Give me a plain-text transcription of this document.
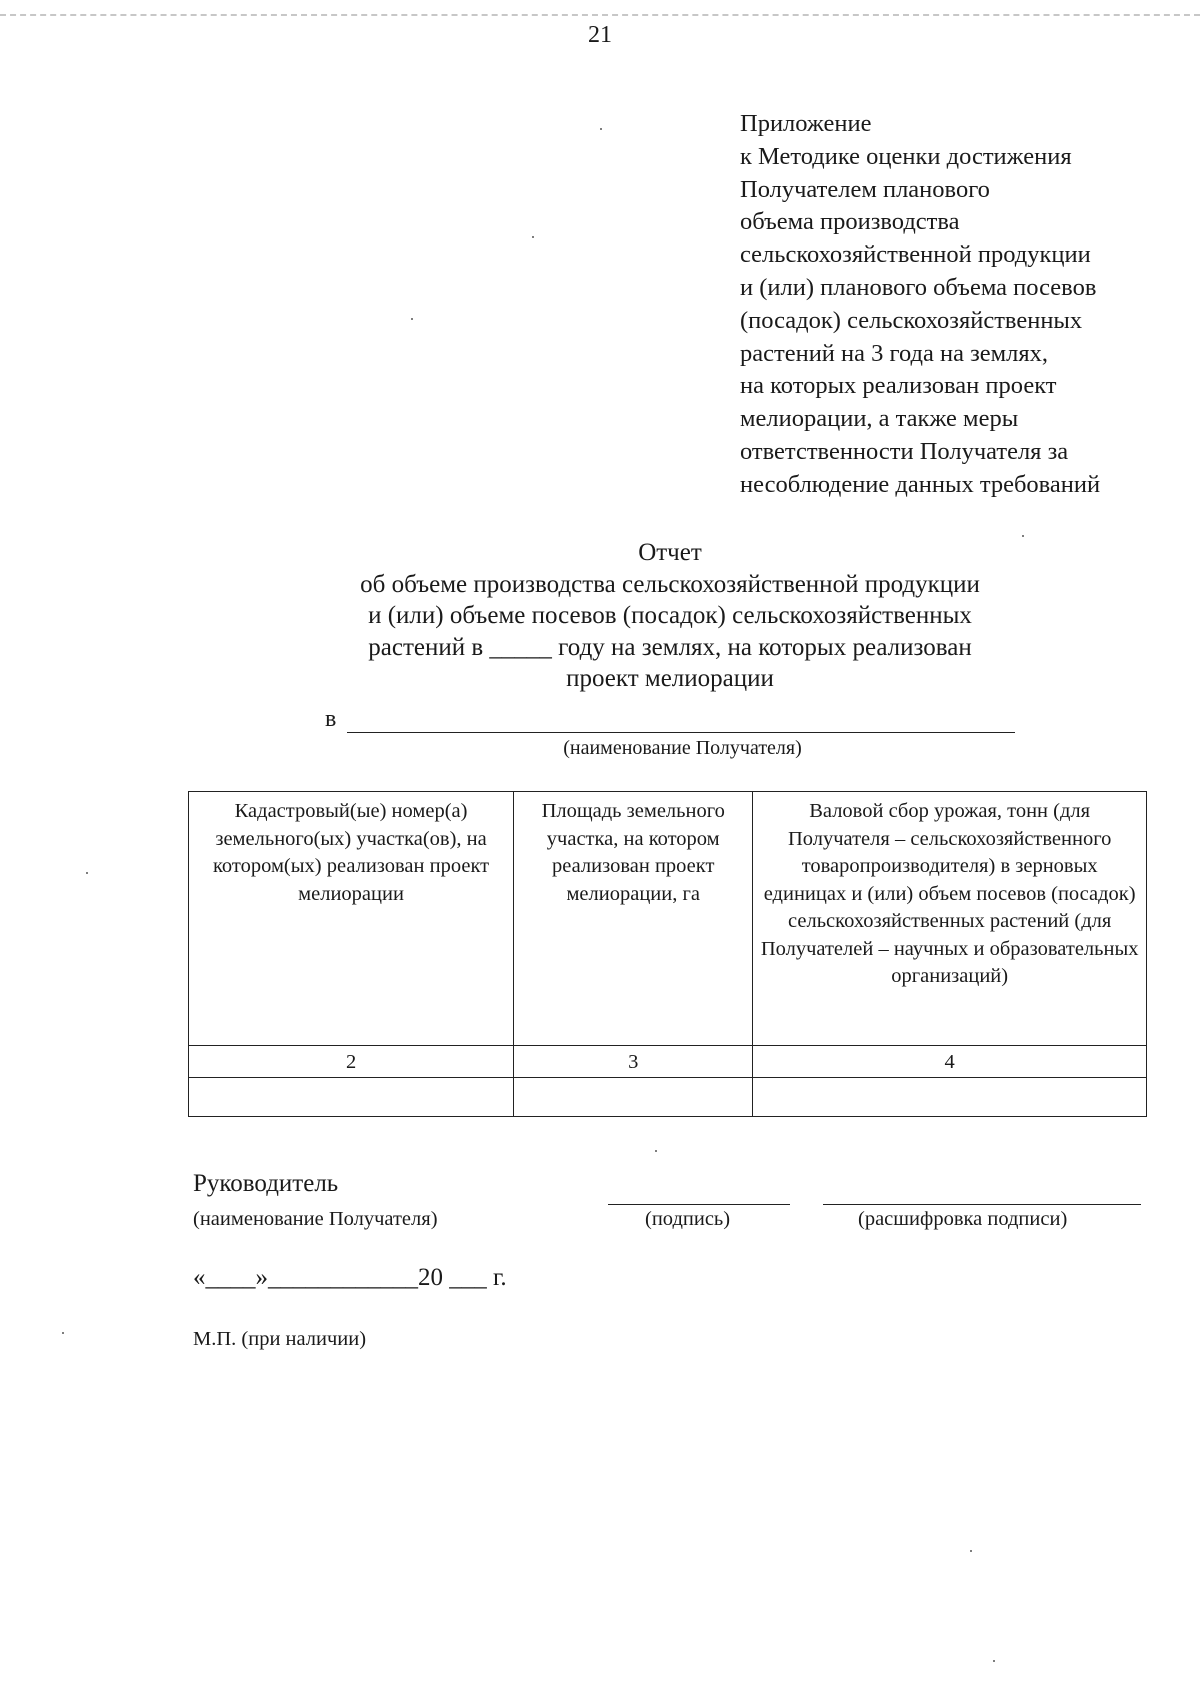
21
Приложение
к Методике оценки достижения
Получателем планового
объема производства
сельскохозяйственной продукции
и (или) планового объема посевов
(посадок) сельскохозяйственных
растений на 3 года на землях,
на которых реализован проект
мелиорации, а также меры
ответственности Получателя за
несоблюдение данных требований
Отчет
об объеме производства сельскохозяйственной продукции
и (или) объеме посевов (посадок) сельскохозяйственных
растений в _____ году на землях, на которых реализован
проект мелиорации
в
(наименование Получателя)
Кадастровый(ые) номер(а) земельного(ых) участка(ов), на котором(ых) реализован проект мелиорации	Площадь земельного участка, на котором реализован проект мелиорации, га	Валовой сбор урожая, тонн (для Получателя – сельскохозяйственного товаропроизводителя) в зерновых единицах и (или) объем посевов (посадок) сельскохозяйственных растений (для Получателей – научных и образовательных организаций)
2	3	4

Руководитель
(наименование Получателя)	(подпись)	(расшифровка подписи)
«____»____________20 ___ г.
М.П. (при наличии)
